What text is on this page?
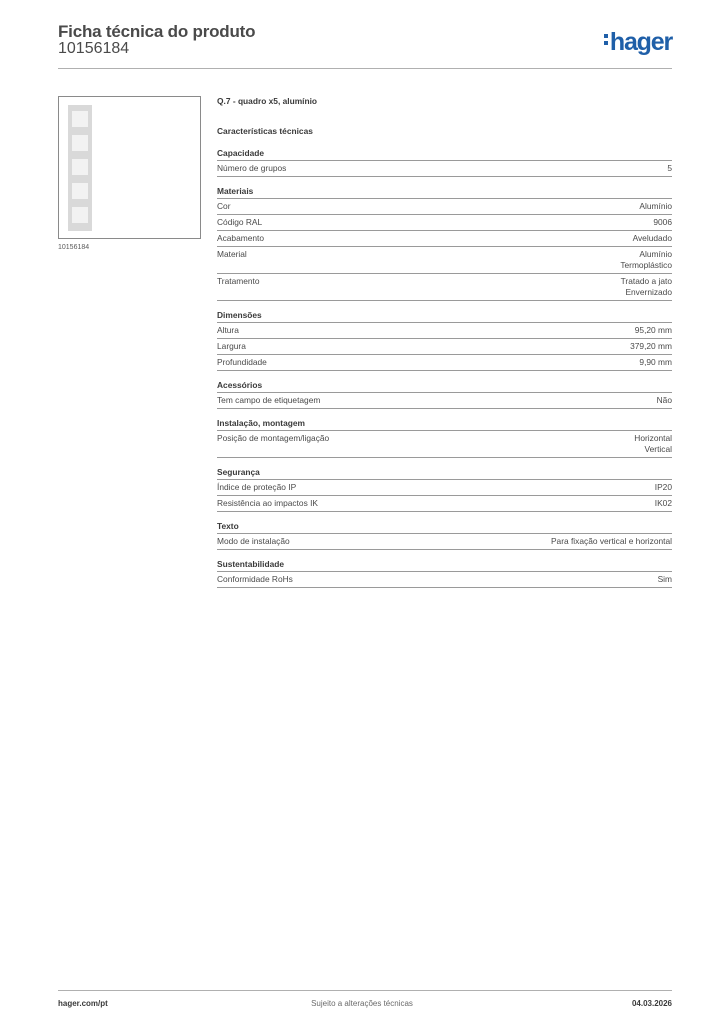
Ficha técnica do produto
10156184	hager
10156184
Q.7 - quadro x5, alumínio
Características técnicas
Capacidade
Número de grupos	5
Materiais
Cor	Alumínio
Código RAL	9006
Acabamento	Aveludado
Material	Alumínio
Termoplástico
Tratamento	Tratado a jato
Envernizado
Dimensões
Altura	95,20 mm
Largura	379,20 mm
Profundidade	9,90 mm
Acessórios
Tem campo de etiquetagem	Não
Instalação, montagem
Posição de montagem/ligação	Horizontal
Vertical
Segurança
Índice de proteção IP	IP20
Resistência ao impactos IK	IK02
Texto
Modo de instalação	Para fixação vertical e horizontal
Sustentabilidade
Conformidade RoHs	Sim
hager.com/pt	Sujeito a alterações técnicas	04.03.2026
